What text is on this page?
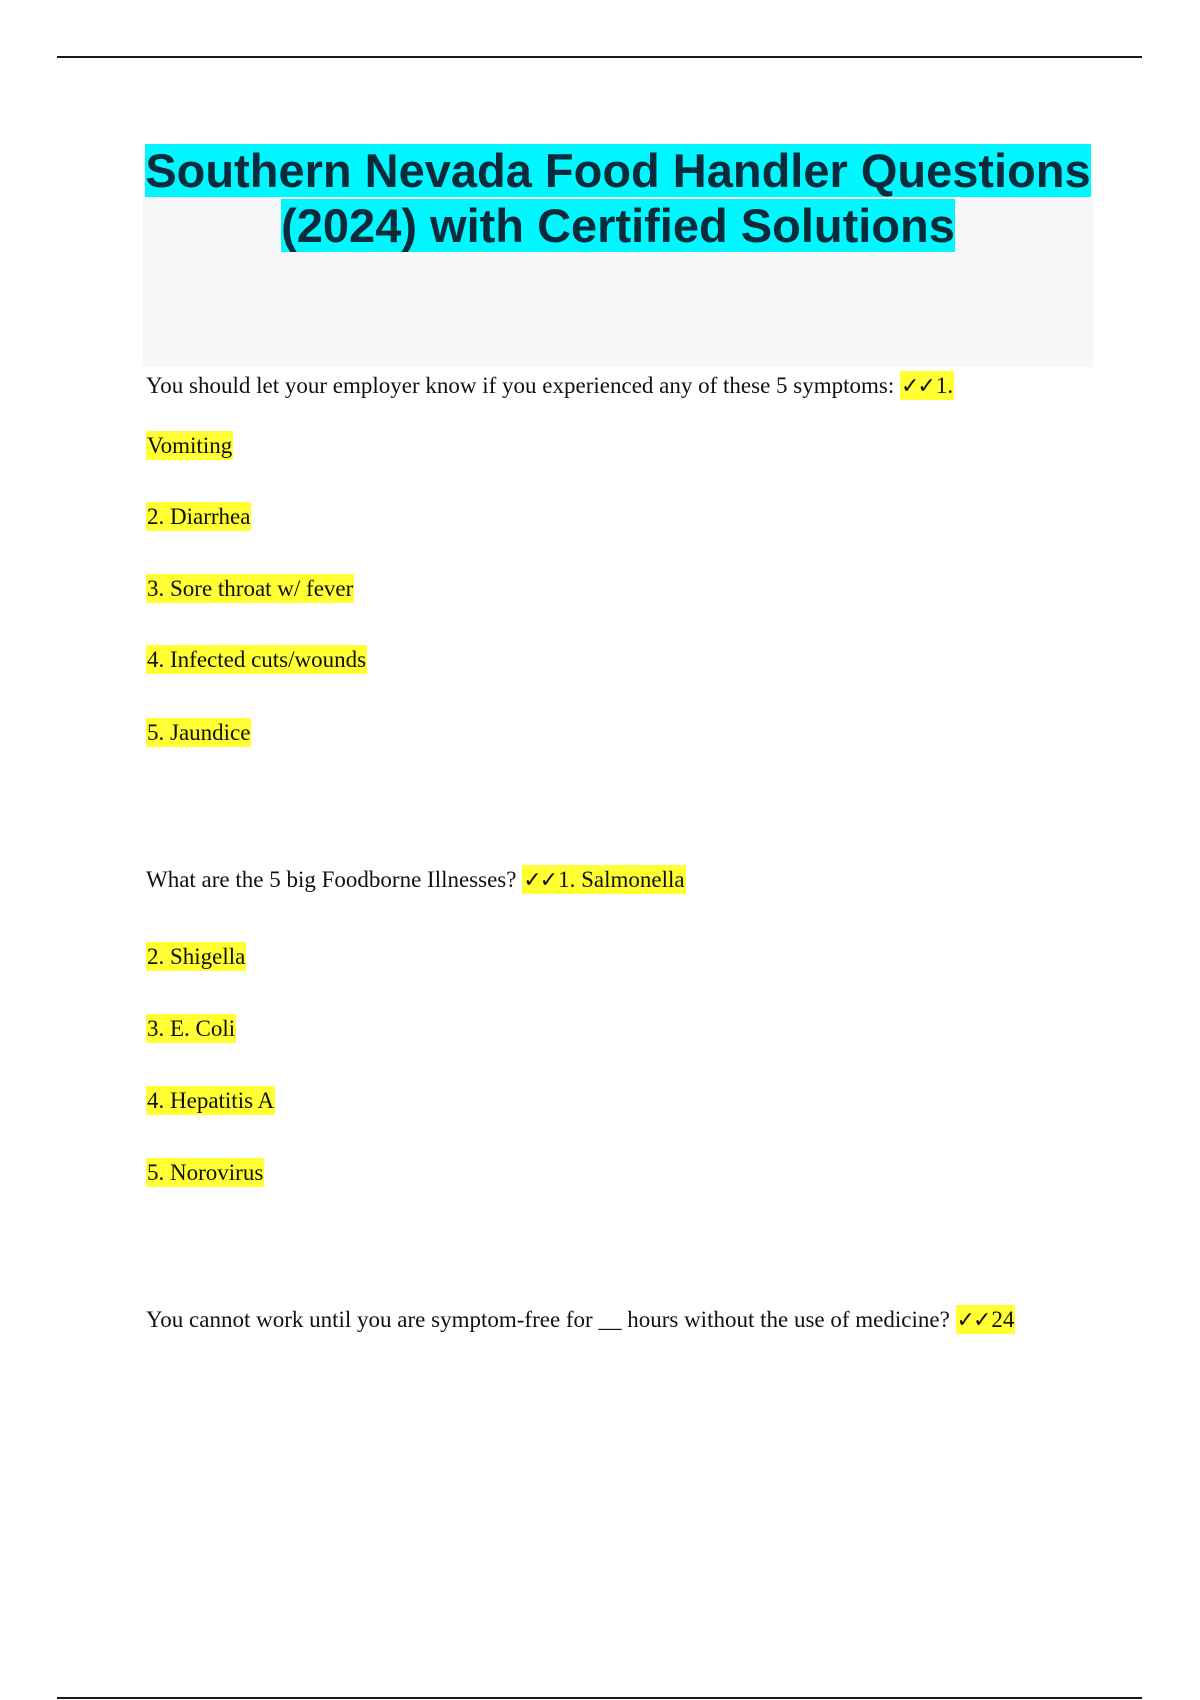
Southern Nevada Food Handler Questions (2024) with Certified Solutions
You should let your employer know if you experienced any of these 5 symptoms: ✓✓1.
Vomiting
2. Diarrhea
3. Sore throat w/ fever
4. Infected cuts/wounds
5. Jaundice
What are the 5 big Foodborne Illnesses? ✓✓1. Salmonella
2. Shigella
3. E. Coli
4. Hepatitis A
5. Norovirus
You cannot work until you are symptom-free for __ hours without the use of medicine? ✓✓24
